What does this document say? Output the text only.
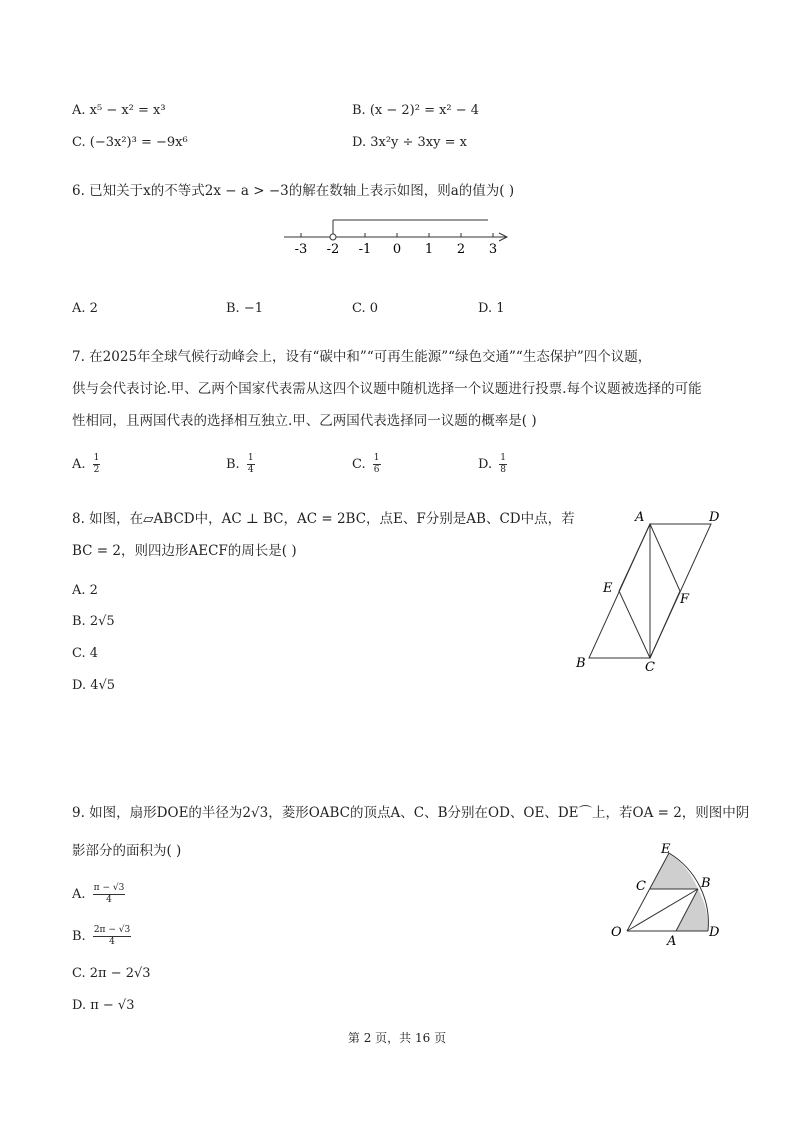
A. x⁵ − x² = x³	B. (x − 2)² = x² − 4
C. (−3x²)³ = −9x⁶	D. 3x²y ÷ 3xy = x
6. 已知关于x的不等式2x − a > −3的解在数轴上表示如图，则a的值为( )
-3 -2 -1 0 1 2 3
A. 2	B. −1	C. 0	D. 1
7. 在2025年全球气候行动峰会上，设有“碳中和”“可再生能源”“绿色交通”“生态保护”四个议题，
供与会代表讨论.甲、乙两个国家代表需从这四个议题中随机选择一个议题进行投票.每个议题被选择的可能
性相同，且两国代表的选择相互独立.甲、乙两国代表选择同一议题的概率是( )
A. $\frac{1}{2}$	B. $\frac{1}{4}$	C. $\frac{1}{6}$	D. $\frac{1}{8}$
8. 如图，在▱ABCD中，AC ⊥ BC，AC = 2BC，点E、F分别是AB、CD中点，若
BC = 2，则四边形AECF的周长是( )
A. 2
B. 2√5
C. 4
D. 4√5
A	D
E
F
B	C
9. 如图，扇形DOE的半径为2√3，菱形OABC的顶点A、C、B分别在OD、OE、DE⌒上，若OA = 2，则图中阴
影部分的面积为( )
A. $\frac{\pi - √3}{4}$
B. $\frac{2\pi - √3}{4}$
C. 2π − 2√3
D. π − √3
E
C	B
O
A
D
第 2 页，共 16 页
